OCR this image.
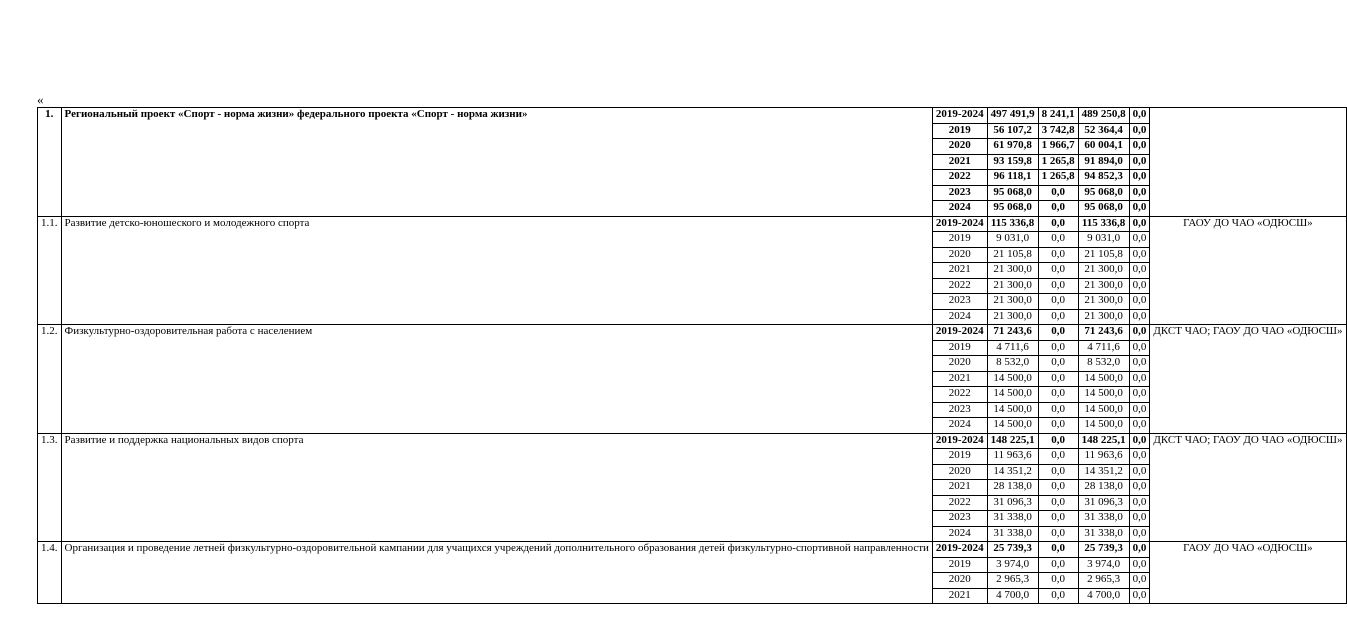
«
1.	Региональный проект «Спорт - норма жизни» федерального проекта «Спорт - норма жизни»	2019-2024	497 491,9	8 241,1	489 250,8	0,0	
		2019	56 107,2	3 742,8	52 364,4	0,0	
		2020	61 970,8	1 966,7	60 004,1	0,0	
		2021	93 159,8	1 265,8	91 894,0	0,0	
		2022	96 118,1	1 265,8	94 852,3	0,0	
		2023	95 068,0	0,0	95 068,0	0,0	
		2024	95 068,0	0,0	95 068,0	0,0	
1.1.	Развитие детско-юношеского и молодежного спорта	2019-2024	115 336,8	0,0	115 336,8	0,0	ГАОУ ДО ЧАО «ОДЮСШ»
		2019	9 031,0	0,0	9 031,0	0,0	
		2020	21 105,8	0,0	21 105,8	0,0	
		2021	21 300,0	0,0	21 300,0	0,0	
		2022	21 300,0	0,0	21 300,0	0,0	
		2023	21 300,0	0,0	21 300,0	0,0	
		2024	21 300,0	0,0	21 300,0	0,0	
1.2.	Физкультурно-оздоровительная работа с населением	2019-2024	71 243,6	0,0	71 243,6	0,0	ДКСТ ЧАО; ГАОУ ДО ЧАО «ОДЮСШ»
		2019	4 711,6	0,0	4 711,6	0,0	
		2020	8 532,0	0,0	8 532,0	0,0	
		2021	14 500,0	0,0	14 500,0	0,0	
		2022	14 500,0	0,0	14 500,0	0,0	
		2023	14 500,0	0,0	14 500,0	0,0	
		2024	14 500,0	0,0	14 500,0	0,0	
1.3.	Развитие и поддержка национальных видов спорта	2019-2024	148 225,1	0,0	148 225,1	0,0	ДКСТ ЧАО; ГАОУ ДО ЧАО «ОДЮСШ»
		2019	11 963,6	0,0	11 963,6	0,0	
		2020	14 351,2	0,0	14 351,2	0,0	
		2021	28 138,0	0,0	28 138,0	0,0	
		2022	31 096,3	0,0	31 096,3	0,0	
		2023	31 338,0	0,0	31 338,0	0,0	
		2024	31 338,0	0,0	31 338,0	0,0	
1.4.	Организация и проведение летней физкультурно-оздоровительной кампании для учащихся учреждений дополнительного образования детей физкультурно-спортивной направленности	2019-2024	25 739,3	0,0	25 739,3	0,0	ГАОУ ДО ЧАО «ОДЮСШ»
		2019	3 974,0	0,0	3 974,0	0,0	
		2020	2 965,3	0,0	2 965,3	0,0	
		2021	4 700,0	0,0	4 700,0	0,0	
